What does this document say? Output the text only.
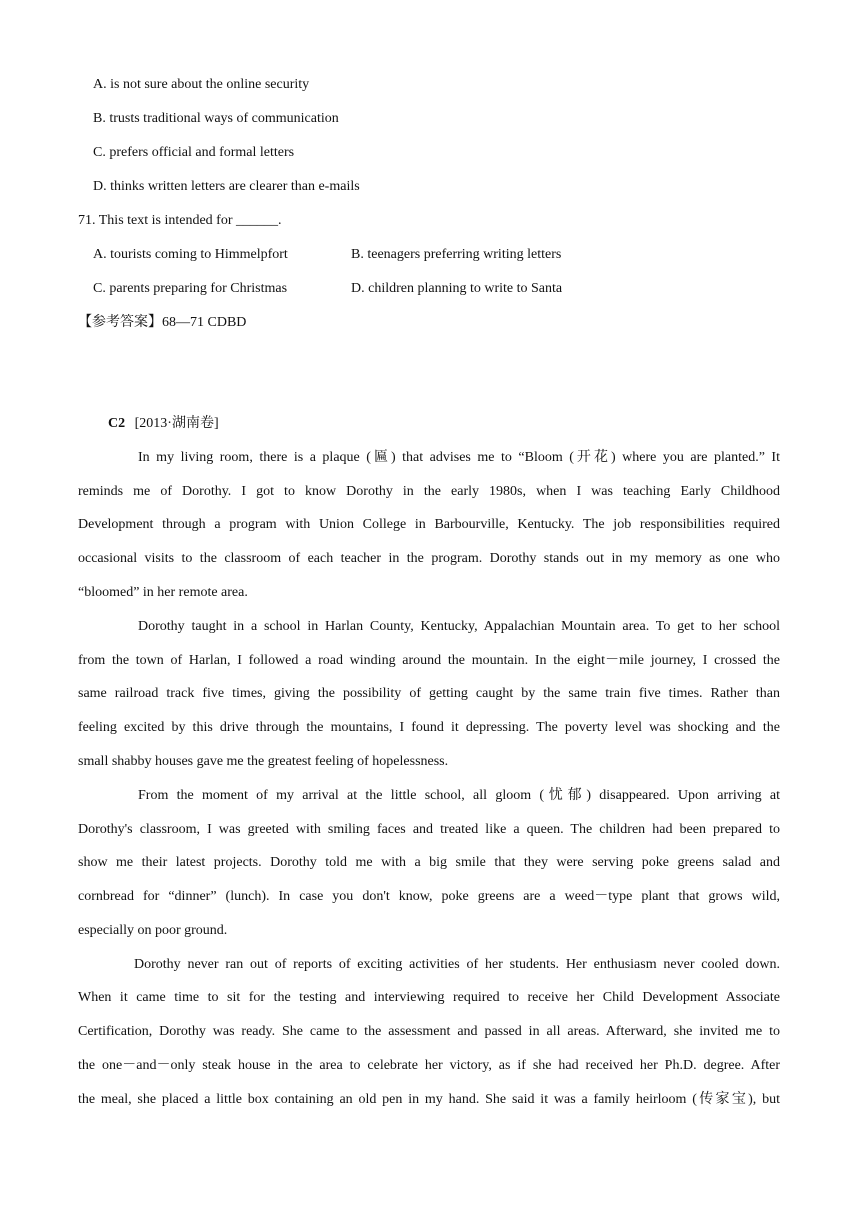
A. is not sure about the online security
B. trusts traditional ways of communication
C. prefers official and formal letters
D. thinks written letters are clearer than e-mails
71. This text is intended for ______.
A. tourists coming to Himmelpfort	B. teenagers preferring writing letters
C. parents preparing for Christmas	D. children planning to write to Santa
【参考答案】68—71 CDBD
C2 [2013·湖南卷]
In my living room, there is a plaque (匾) that advises me to “Bloom (开花) where you are planted.” It
reminds me of Dorothy. I got to know Dorothy in the early 1980s, when I was teaching Early Childhood
Development through a program with Union College in Barbourville, Kentucky. The job responsibilities required
occasional visits to the classroom of each teacher in the program. Dorothy stands out in my memory as one who
“bloomed” in her remote area.
Dorothy taught in a school in Harlan County, Kentucky, Appalachian Mountain area. To get to her school
from the town of Harlan, I followed a road winding around the mountain. In the eight－mile journey, I crossed the
same railroad track five times, giving the possibility of getting caught by the same train five times. Rather than
feeling excited by this drive through the mountains, I found it depressing. The poverty level was shocking and the
small shabby houses gave me the greatest feeling of hopelessness.
From the moment of my arrival at the little school, all gloom (忧郁) disappeared. Upon arriving at
Dorothy's classroom, I was greeted with smiling faces and treated like a queen. The children had been prepared to
show me their latest projects. Dorothy told me with a big smile that they were serving poke greens salad and
cornbread for “dinner” (lunch). In case you don't know, poke greens are a weed－type plant that grows wild,
especially on poor ground.
Dorothy never ran out of reports of exciting activities of her students. Her enthusiasm never cooled down.
When it came time to sit for the testing and interviewing required to receive her Child Development Associate
Certification, Dorothy was ready. She came to the assessment and passed in all areas. Afterward, she invited me to
the one－and－only steak house in the area to celebrate her victory, as if she had received her Ph.D. degree. After
the meal, she placed a little box containing an old pen in my hand. She said it was a family heirloom (传家宝), but
